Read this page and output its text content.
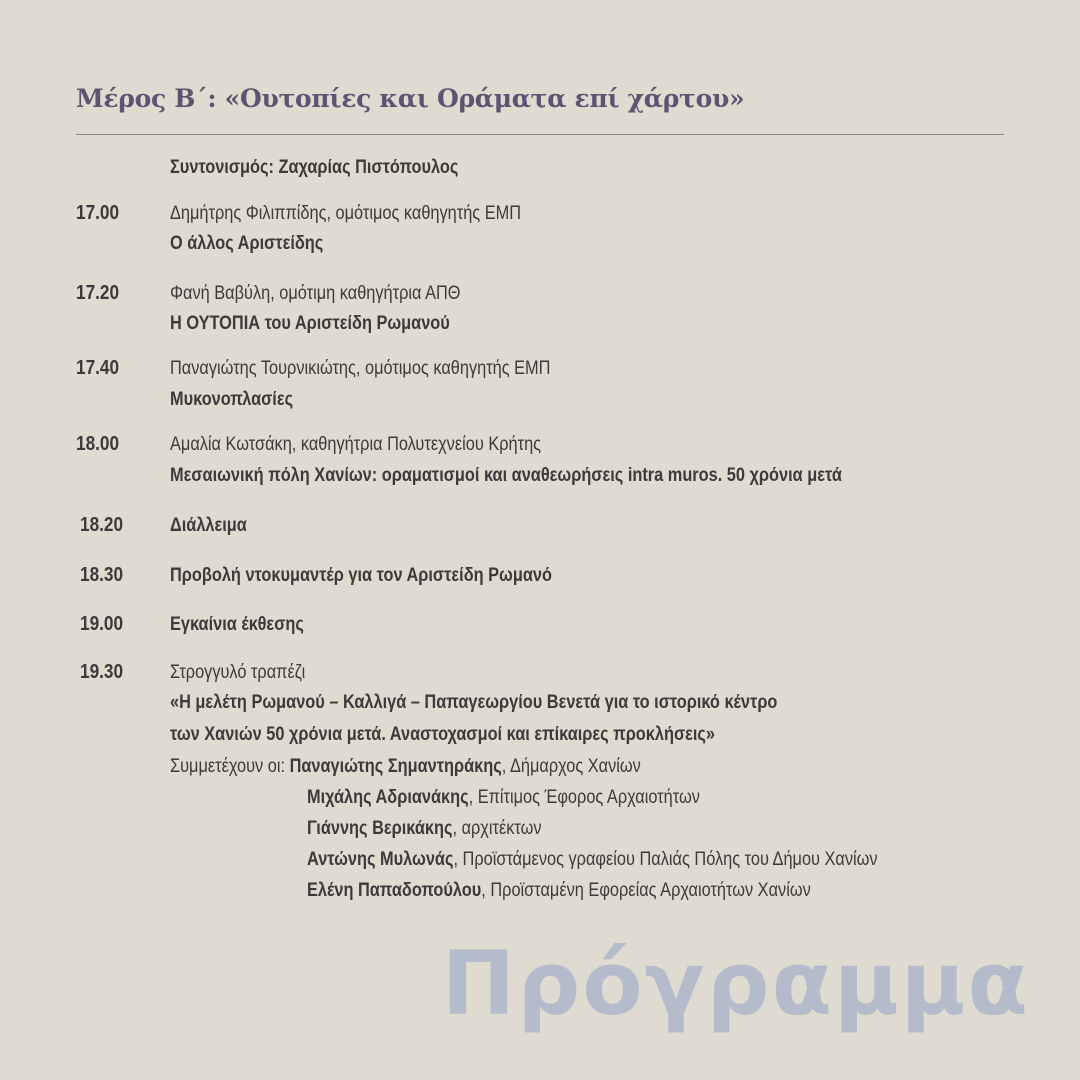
Μέρος Β΄: «Ουτοπίες και Οράματα επί χάρτου»
Συντονισμός: Ζαχαρίας Πιστόπουλος
17.00	Δημήτρης Φιλιππίδης, ομότιμος καθηγητής ΕΜΠ
Ο άλλος Αριστείδης
17.20	Φανή Βαβύλη, ομότιμη καθηγήτρια ΑΠΘ
Η ΟΥΤΟΠΙΑ του Αριστείδη Ρωμανού
17.40	Παναγιώτης Τουρνικιώτης, ομότιμος καθηγητής ΕΜΠ
Μυκονοπλασίες
18.00	Αμαλία Κωτσάκη, καθηγήτρια Πολυτεχνείου Κρήτης
Μεσαιωνική πόλη Χανίων: οραματισμοί και αναθεωρήσεις intra muros. 50 χρόνια μετά
18.20 Διάλλειμα
18.30 Προβολή ντοκυμαντέρ για τον Αριστείδη Ρωμανό
19.00 Εγκαίνια έκθεσης
19.30 Στρογγυλό τραπέζι
«Η μελέτη Ρωμανού – Καλλιγά – Παπαγεωργίου Βενετά για το ιστορικό κέντρο
των Χανιών 50 χρόνια μετά. Αναστοχασμοί και επίκαιρες προκλήσεις»
Συμμετέχουν οι: Παναγιώτης Σημαντηράκης, Δήμαρχος Χανίων
Μιχάλης Αδριανάκης, Επίτιμος Έφορος Αρχαιοτήτων
Γιάννης Βερικάκης, αρχιτέκτων
Αντώνης Μυλωνάς, Προϊστάμενος γραφείου Παλιάς Πόλης του Δήμου Χανίων
Ελένη Παπαδοπούλου, Προϊσταμένη Εφορείας Αρχαιοτήτων Χανίων
Πρόγραμμα
